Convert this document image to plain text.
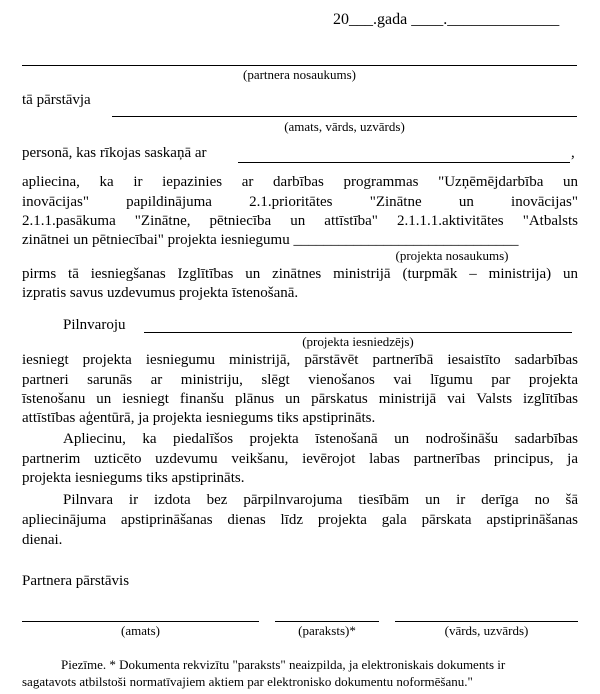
20___.gada ____.______________
(partnera nosaukums)
tā pārstāvja
(amats, vārds, uzvārds)
personā, kas rīkojas saskaņā ar	,
apliecina, ka ir iepazinies ar darbības programmas "Uzņēmējdarbība un
inovācijas" papildinājuma 2.1.prioritātes "Zinātne un inovācijas"
2.1.1.pasākuma "Zinātne, pētniecība un attīstība" 2.1.1.1.aktivitātes "Atbalsts
zinātnei un pētniecībai" projekta iesniegumu ______________________________
(projekta nosaukums)
pirms tā iesniegšanas Izglītības un zinātnes ministrijā (turpmāk – ministrija) un
izpratis savus uzdevumus projekta īstenošanā.
Pilnvaroju
(projekta iesniedzējs)
iesniegt projekta iesniegumu ministrijā, pārstāvēt partnerībā iesaistīto sadarbības
partneri sarunās ar ministriju, slēgt vienošanos vai līgumu par projekta
īstenošanu un iesniegt finanšu plānus un pārskatus ministrijā vai Valsts izglītības
attīstības aģentūrā, ja projekta iesniegums tiks apstiprināts.
Apliecinu, ka piedalīšos projekta īstenošanā un nodrošināšu sadarbības
partnerim uzticēto uzdevumu veikšanu, ievērojot labas partnerības principus, ja
projekta iesniegums tiks apstiprināts.
Pilnvara ir izdota bez pārpilnvarojuma tiesībām un ir derīga no šā
apliecinājuma apstiprināšanas dienas līdz projekta gala pārskata apstiprināšanas
dienai.
Partnera pārstāvis
(amats)	(paraksts)*	(vārds, uzvārds)
Piezīme. * Dokumenta rekvizītu "paraksts" neaizpilda, ja elektroniskais dokuments ir
sagatavots atbilstoši normatīvajiem aktiem par elektronisko dokumentu noformēšanu."
